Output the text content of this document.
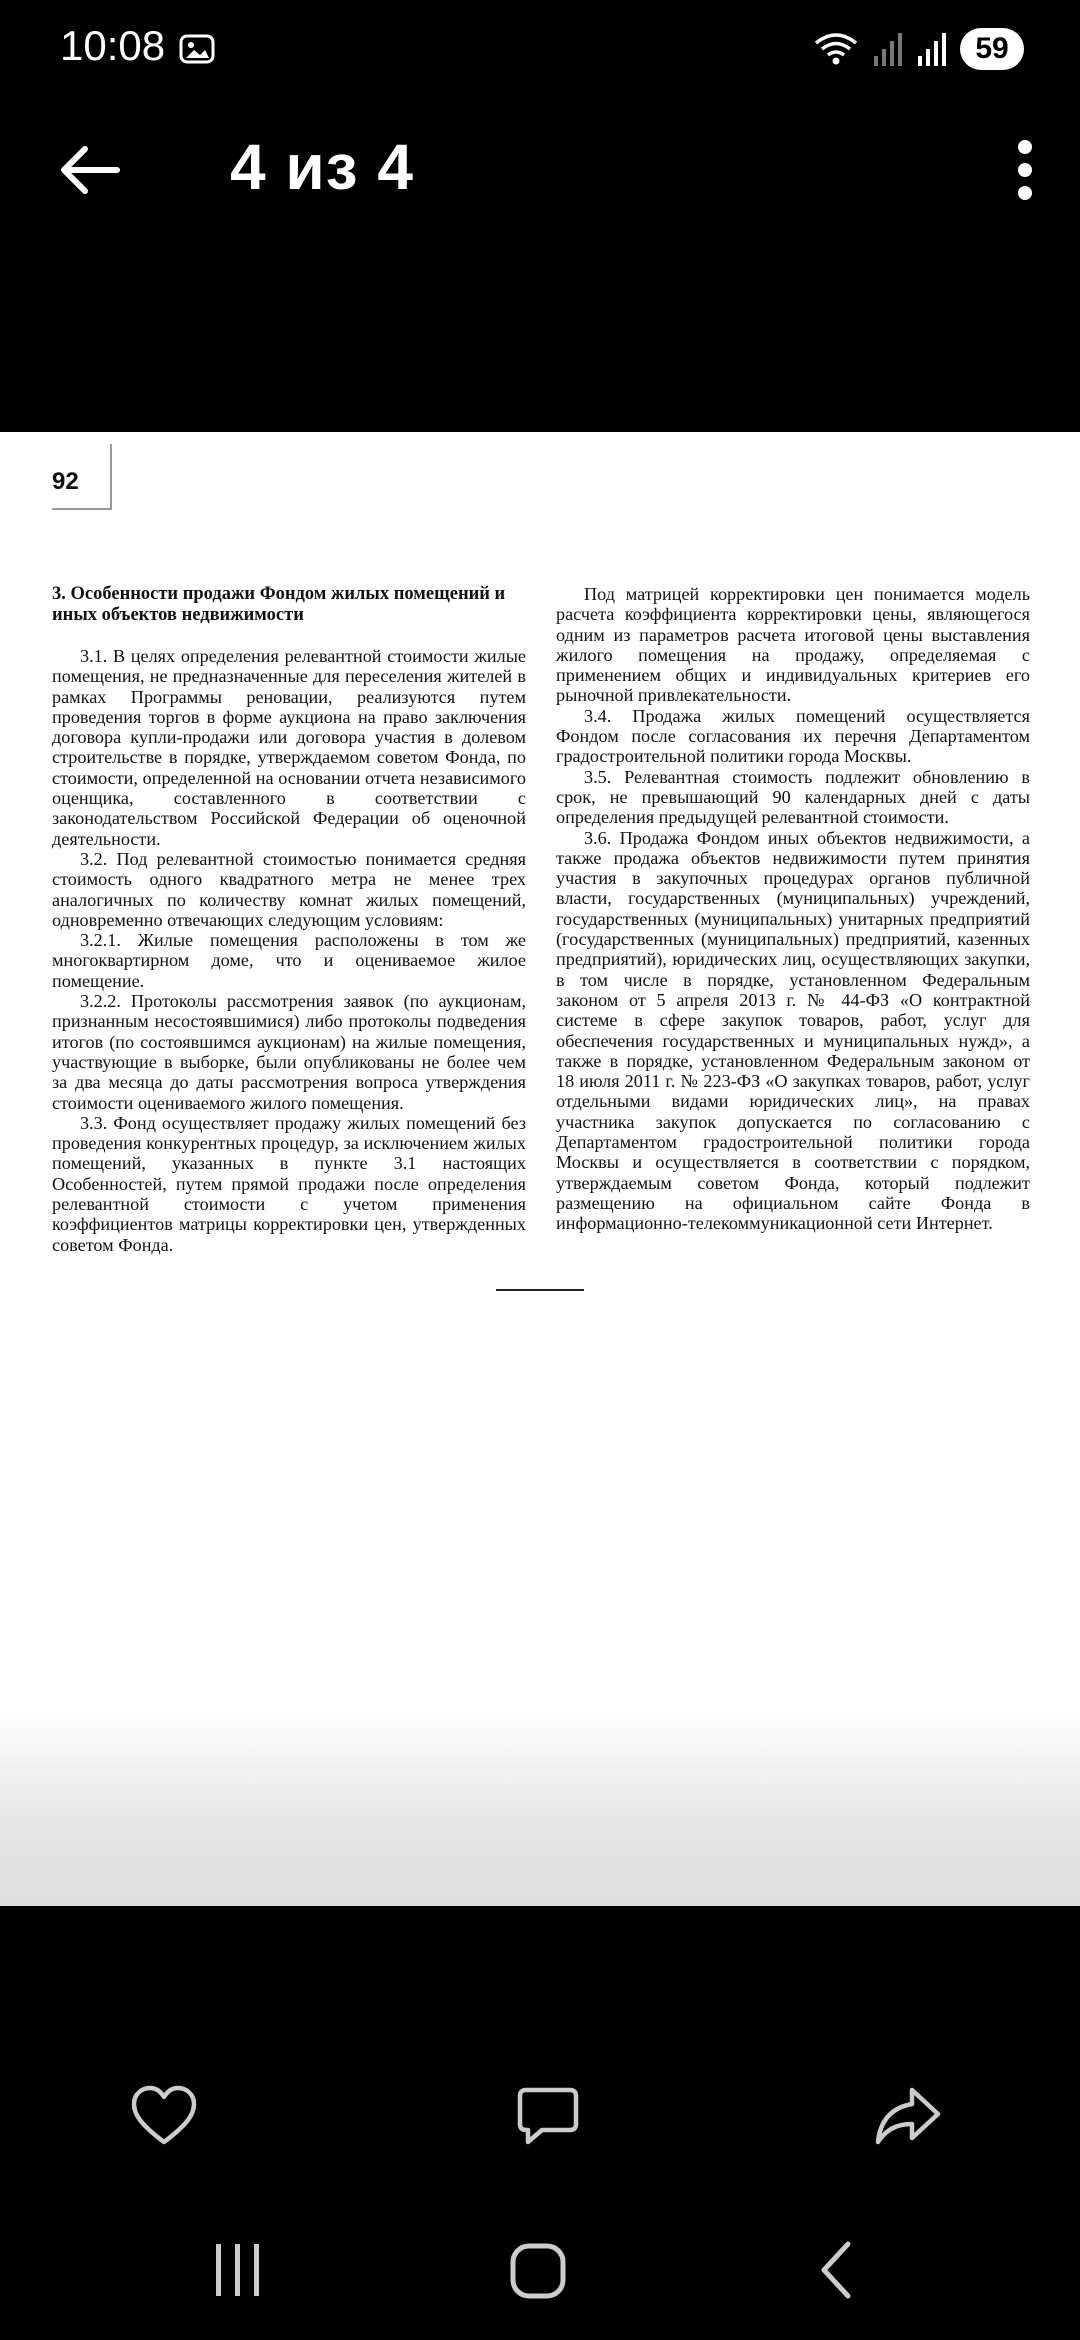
10:08	59
4 из 4
92

3. Особенности продажи Фондом жилых помещений и иных объектов недвижимости

3.1. В целях определения релевантной стоимости жилые помещения, не предназначенные для переселения жителей в рамках Программы реновации, реализуются путем проведения торгов в форме аукциона на право заключения договора купли-продажи или договора участия в долевом строительстве в порядке, утверждаемом советом Фонда, по стоимости, определенной на основании отчета независимого оценщика, составленного в соответствии с законодательством Российской Федерации об оценочной деятельности.

3.2. Под релевантной стоимостью понимается средняя стоимость одного квадратного метра не менее трех аналогичных по количеству комнат жилых помещений, одновременно отвечающих следующим условиям:

3.2.1. Жилые помещения расположены в том же многоквартирном доме, что и оцениваемое жилое помещение.

3.2.2. Протоколы рассмотрения заявок (по аукционам, признанным несостоявшимися) либо протоколы подведения итогов (по состоявшимся аукционам) на жилые помещения, участвующие в выборке, были опубликованы не более чем за два месяца до даты рассмотрения вопроса утверждения стоимости оцениваемого жилого помещения.

3.3. Фонд осуществляет продажу жилых помещений без проведения конкурентных процедур, за исключением жилых помещений, указанных в пункте 3.1 настоящих Особенностей, путем прямой продажи после определения релевантной стоимости с учетом применения коэффициентов матрицы корректировки цен, утвержденных советом Фонда.

Под матрицей корректировки цен понимается модель расчета коэффициента корректировки цены, являющегося одним из параметров расчета итоговой цены выставления жилого помещения на продажу, определяемая с применением общих и индивидуальных критериев его рыночной привлекательности.

3.4. Продажа жилых помещений осуществляется Фондом после согласования их перечня Департаментом градостроительной политики города Москвы.

3.5. Релевантная стоимость подлежит обновлению в срок, не превышающий 90 календарных дней с даты определения предыдущей релевантной стоимости.

3.6. Продажа Фондом иных объектов недвижимости, а также продажа объектов недвижимости путем принятия участия в закупочных процедурах органов публичной власти, государственных (муниципальных) учреждений, государственных (муниципальных) унитарных предприятий (государственных (муниципальных) предприятий, казенных предприятий), юридических лиц, осуществляющих закупки, в том числе в порядке, установленном Федеральным законом от 5 апреля 2013 г. № 44-ФЗ «О контрактной системе в сфере закупок товаров, работ, услуг для обеспечения государственных и муниципальных нужд», а также в порядке, установленном Федеральным законом от 18 июля 2011 г. № 223-ФЗ «О закупках товаров, работ, услуг отдельными видами юридических лиц», на правах участника закупок допускается по согласованию с Департаментом градостроительной политики города Москвы и осуществляется в соответствии с порядком, утверждаемым советом Фонда, который подлежит размещению на официальном сайте Фонда в информационно-телекоммуникационной сети Интернет.
